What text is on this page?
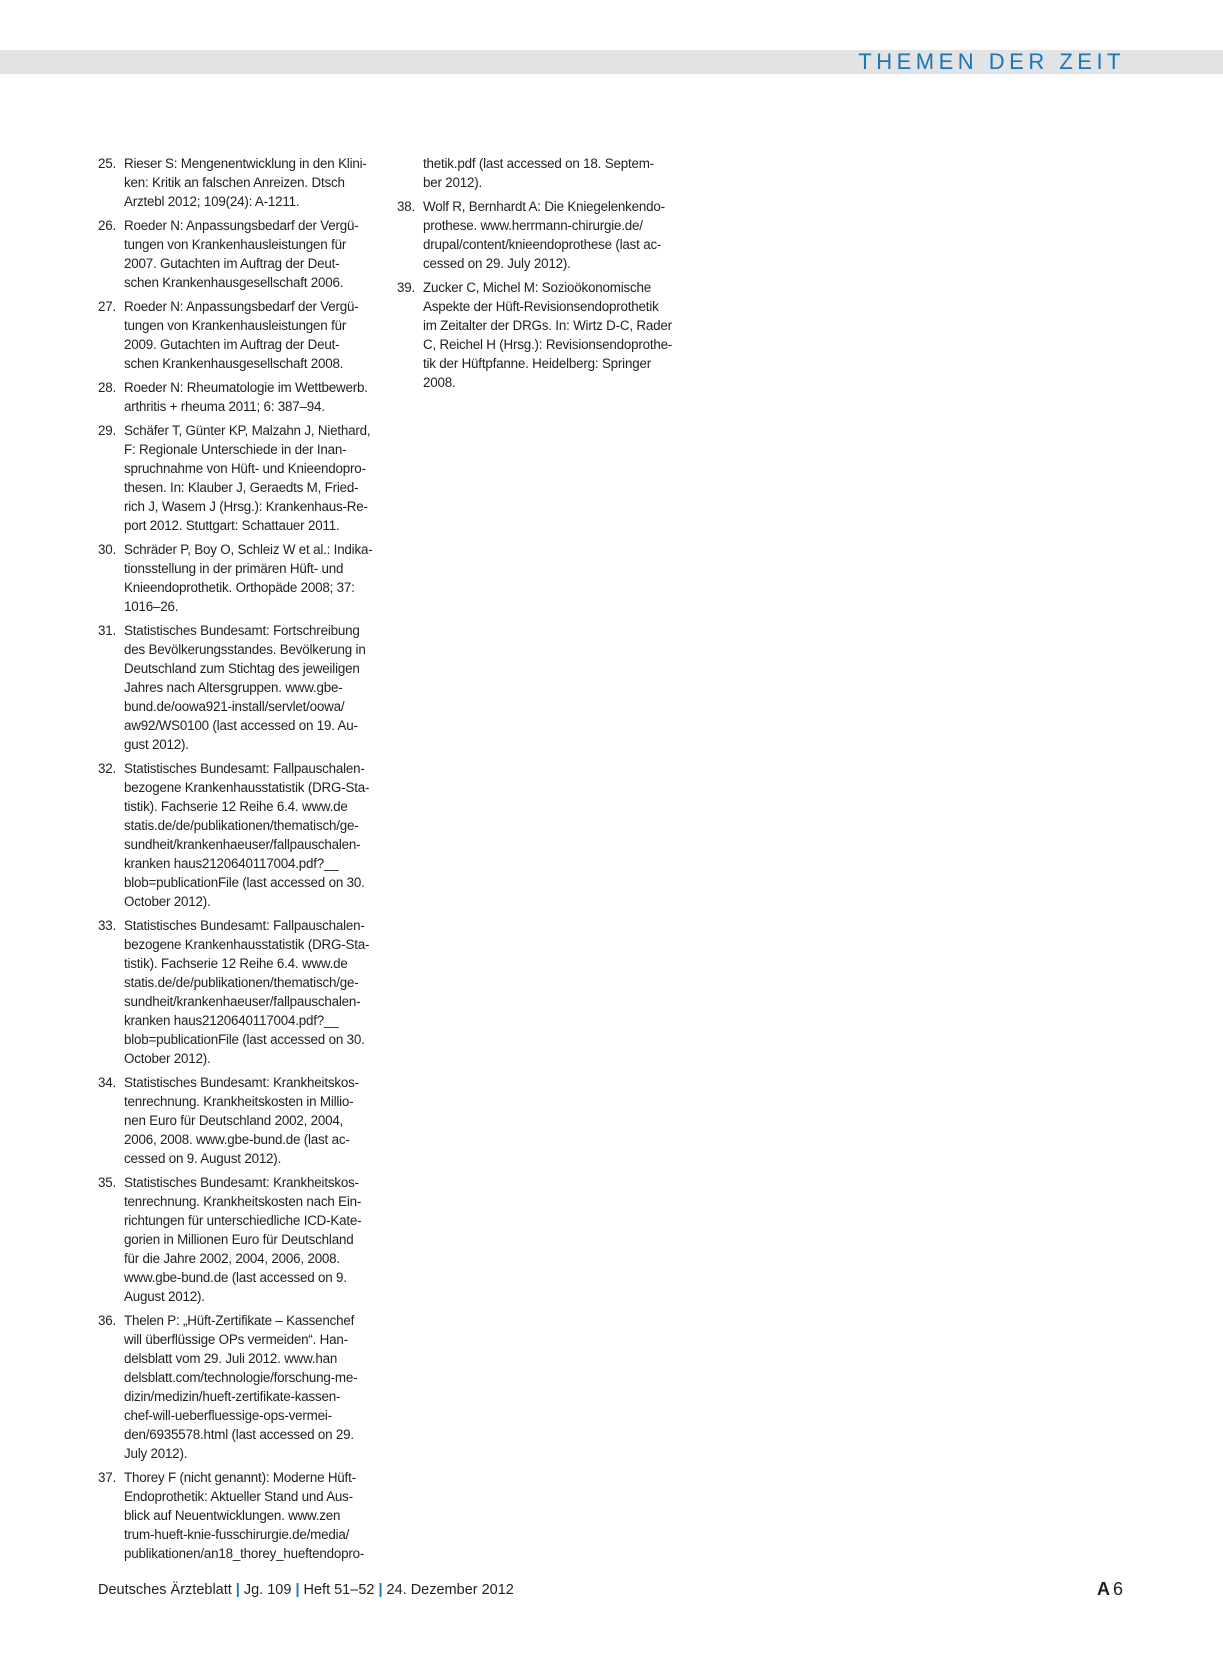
THEMEN DER ZEIT
25. Rieser S: Mengenentwicklung in den Klini-
ken: Kritik an falschen Anreizen. Dtsch
Arztebl 2012; 109(24): A-1211.
26. Roeder N: Anpassungsbedarf der Vergü-
tungen von Krankenhausleistungen für
2007. Gutachten im Auftrag der Deut-
schen Krankenhausgesellschaft 2006.
27. Roeder N: Anpassungsbedarf der Vergü-
tungen von Krankenhausleistungen für
2009. Gutachten im Auftrag der Deut-
schen Krankenhausgesellschaft 2008.
28. Roeder N: Rheumatologie im Wettbewerb.
arthritis + rheuma 2011; 6: 387–94.
29. Schäfer T, Günter KP, Malzahn J, Niethard,
F: Regionale Unterschiede in der Inan-
spruchnahme von Hüft- und Knieendopro-
thesen. In: Klauber J, Geraedts M, Fried-
rich J, Wasem J (Hrsg.): Krankenhaus-Re-
port 2012. Stuttgart: Schattauer 2011.
30. Schräder P, Boy O, Schleiz W et al.: Indika-
tionsstellung in der primären Hüft- und
Knieendoprothetik. Orthopäde 2008; 37:
1016–26.
31. Statistisches Bundesamt: Fortschreibung
des Bevölkerungsstandes. Bevölkerung in
Deutschland zum Stichtag des jeweiligen
Jahres nach Altersgruppen. www.gbe-
bund.de/oowa921-install/servlet/oowa/
aw92/WS0100 (last accessed on 19. Au-
gust 2012).
32. Statistisches Bundesamt: Fallpauschalen-
bezogene Krankenhausstatistik (DRG-Sta-
tistik). Fachserie 12 Reihe 6.4. www.de
statis.de/de/publikationen/thematisch/ge-
sundheit/krankenhaeuser/fallpauschalen-
kranken haus2120640117004.pdf?__
blob=publicationFile (last accessed on 30.
October 2012).
33. Statistisches Bundesamt: Fallpauschalen-
bezogene Krankenhausstatistik (DRG-Sta-
tistik). Fachserie 12 Reihe 6.4. www.de
statis.de/de/publikationen/thematisch/ge-
sundheit/krankenhaeuser/fallpauschalen-
kranken haus2120640117004.pdf?__
blob=publicationFile (last accessed on 30.
October 2012).
34. Statistisches Bundesamt: Krankheitskos-
tenrechnung. Krankheitskosten in Millio-
nen Euro für Deutschland 2002, 2004,
2006, 2008. www.gbe-bund.de (last ac-
cessed on 9. August 2012).
35. Statistisches Bundesamt: Krankheitskos-
tenrechnung. Krankheitskosten nach Ein-
richtungen für unterschiedliche ICD-Kate-
gorien in Millionen Euro für Deutschland
für die Jahre 2002, 2004, 2006, 2008.
www.gbe-bund.de (last accessed on 9.
August 2012).
36. Thelen P: „Hüft-Zertifikate – Kassenchef
will überflüssige OPs vermeiden“. Han-
delsblatt vom 29. Juli 2012. www.han
delsblatt.com/technologie/forschung-me-
dizin/medizin/hueft-zertifikate-kassen-
chef-will-ueberfluessige-ops-vermei-
den/6935578.html (last accessed on 29.
July 2012).
37. Thorey F (nicht genannt): Moderne Hüft-
Endoprothetik: Aktueller Stand und Aus-
blick auf Neuentwicklungen. www.zen
trum-hueft-knie-fusschirurgie.de/media/
publikationen/an18_thorey_hueftendopro-
thetik.pdf (last accessed on 18. Septem-
ber 2012).
38. Wolf R, Bernhardt A: Die Kniegelenkendo-
prothese. www.herrmann-chirurgie.de/
drupal/content/knieendoprothese (last ac-
cessed on 29. July 2012).
39. Zucker C, Michel M: Sozioökonomische
Aspekte der Hüft-Revisionsendoprothetik
im Zeitalter der DRGs. In: Wirtz D-C, Rader
C, Reichel H (Hrsg.): Revisionsendoprothe-
tik der Hüftpfanne. Heidelberg: Springer
2008.
Deutsches Ärzteblatt | Jg. 109 | Heft 51–52 | 24. Dezember 2012	A 6
